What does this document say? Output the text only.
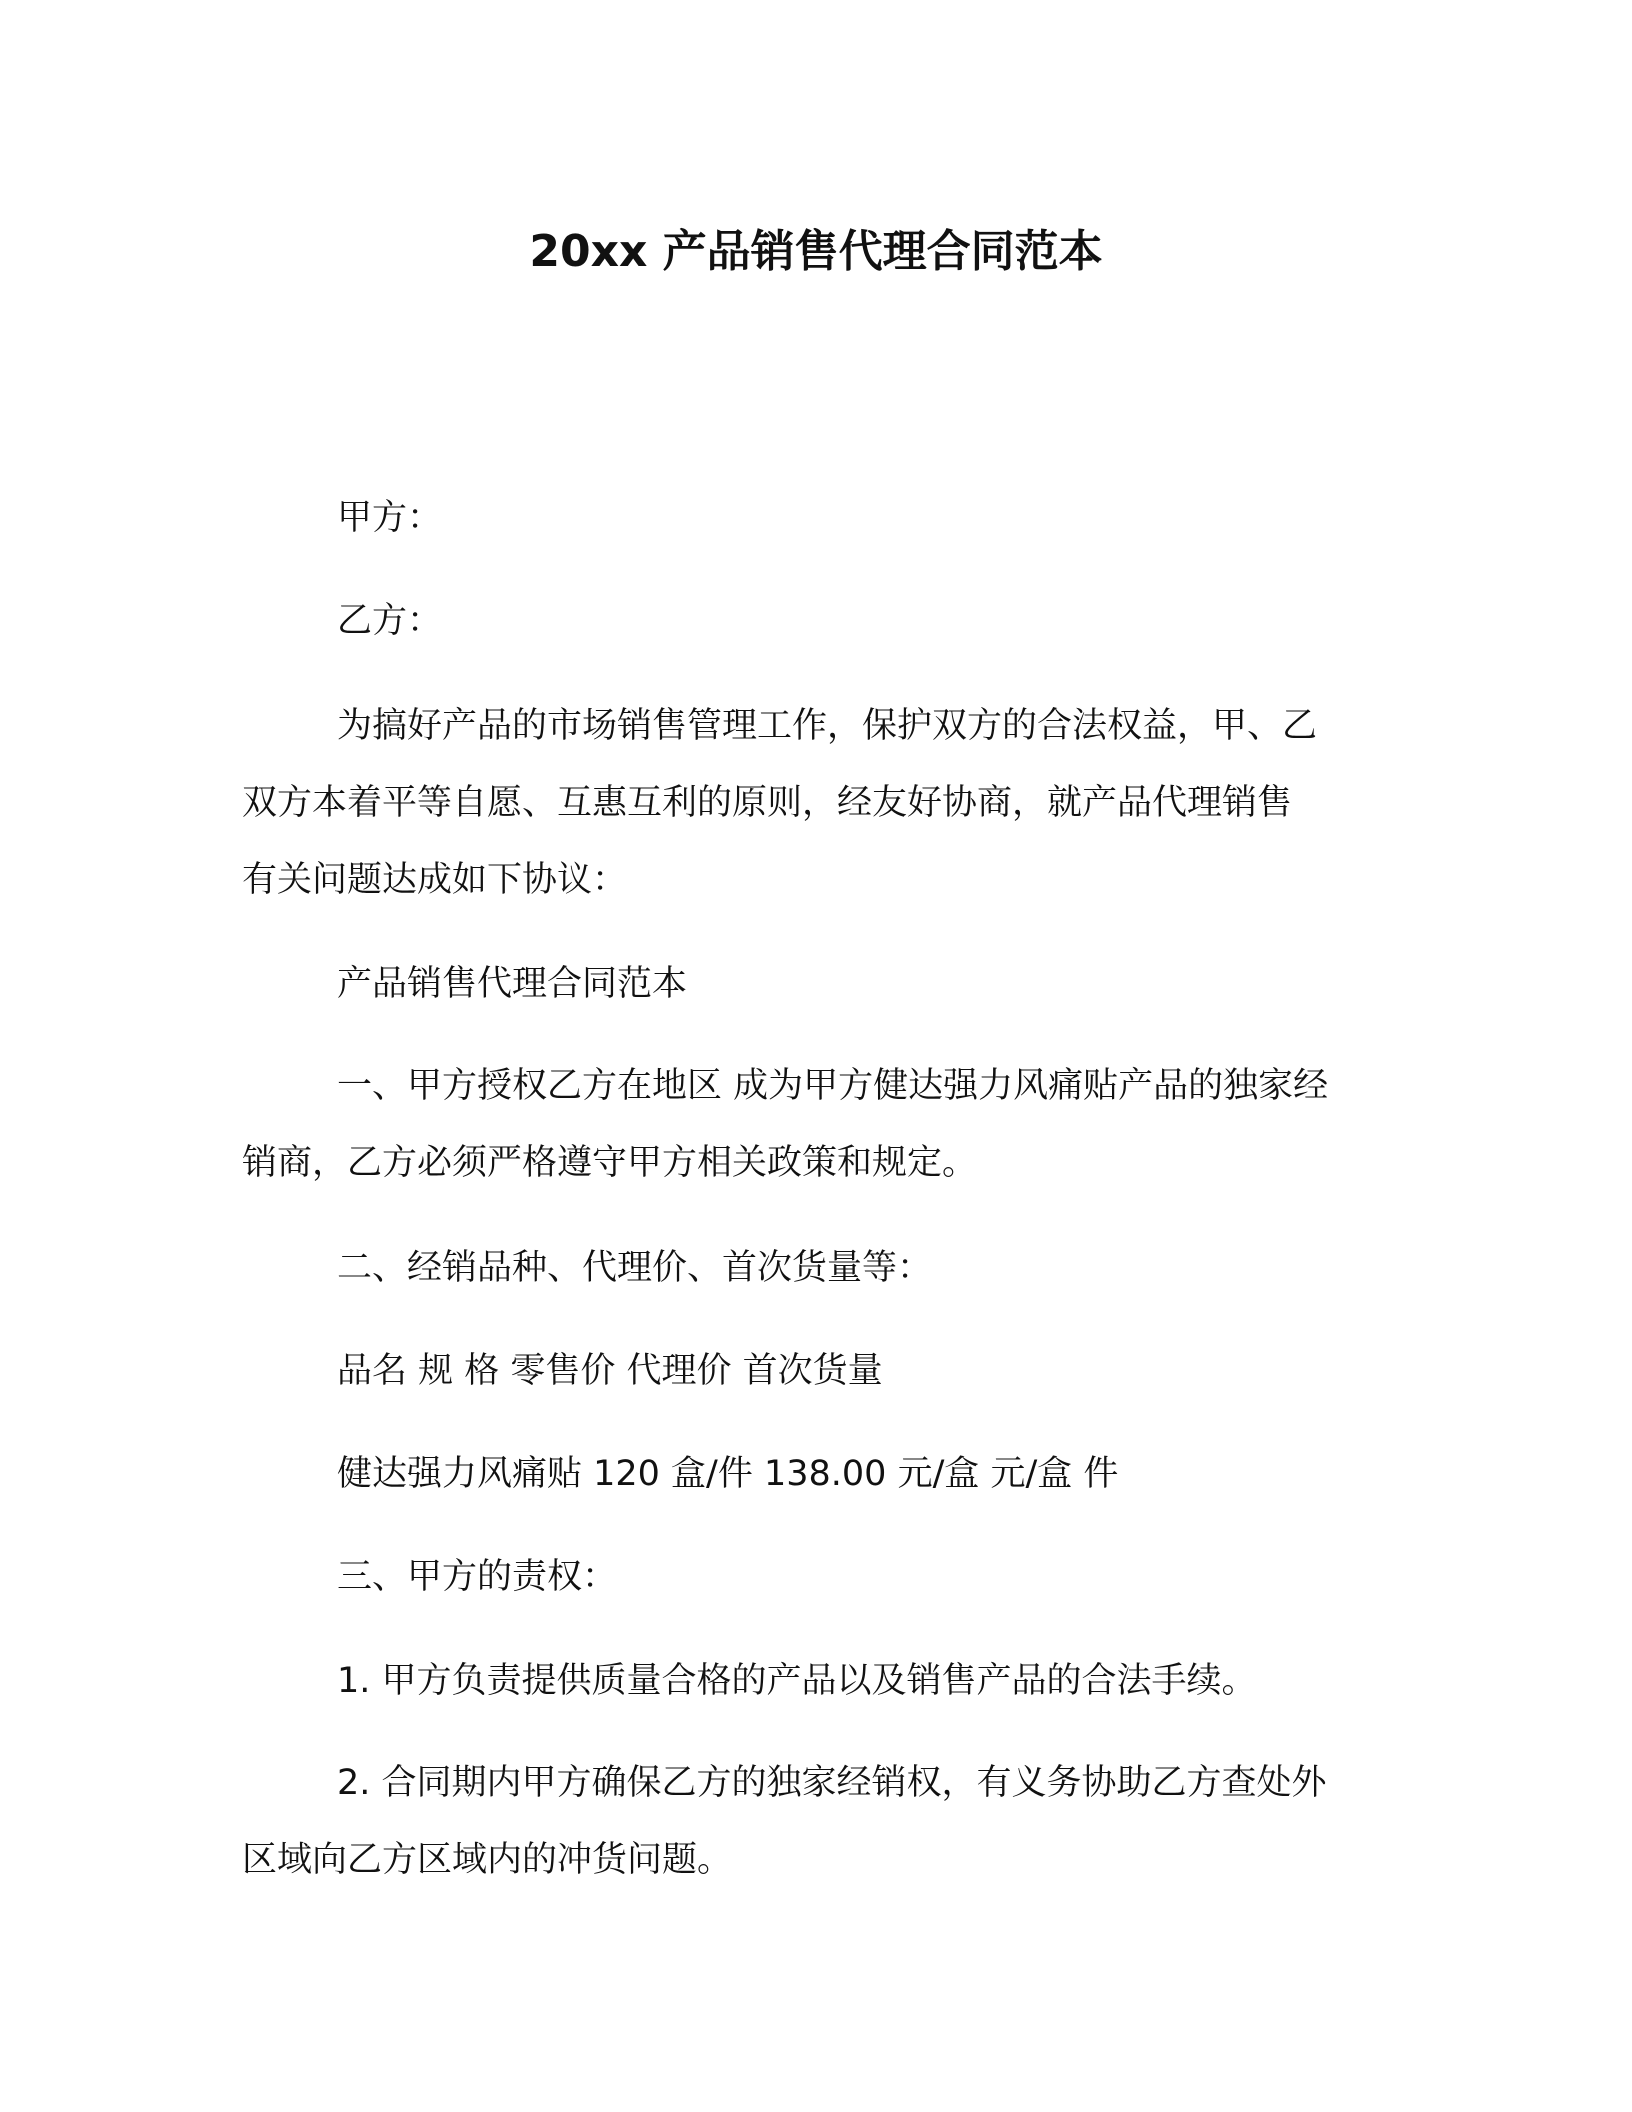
20xx 产品销售代理合同范本

甲方：

乙方：

为搞好产品的市场销售管理工作，保护双方的合法权益，甲、乙
双方本着平等自愿、互惠互利的原则，经友好协商，就产品代理销售
有关问题达成如下协议：

产品销售代理合同范本

一、甲方授权乙方在地区 成为甲方健达强力风痛贴产品的独家经
销商，乙方必须严格遵守甲方相关政策和规定。

二、经销品种、代理价、首次货量等：

品名 规 格 零售价 代理价 首次货量

健达强力风痛贴 120 盒/件 138.00 元/盒 元/盒 件

三、甲方的责权：

1. 甲方负责提供质量合格的产品以及销售产品的合法手续。

2. 合同期内甲方确保乙方的独家经销权，有义务协助乙方查处外
区域向乙方区域内的冲货问题。
